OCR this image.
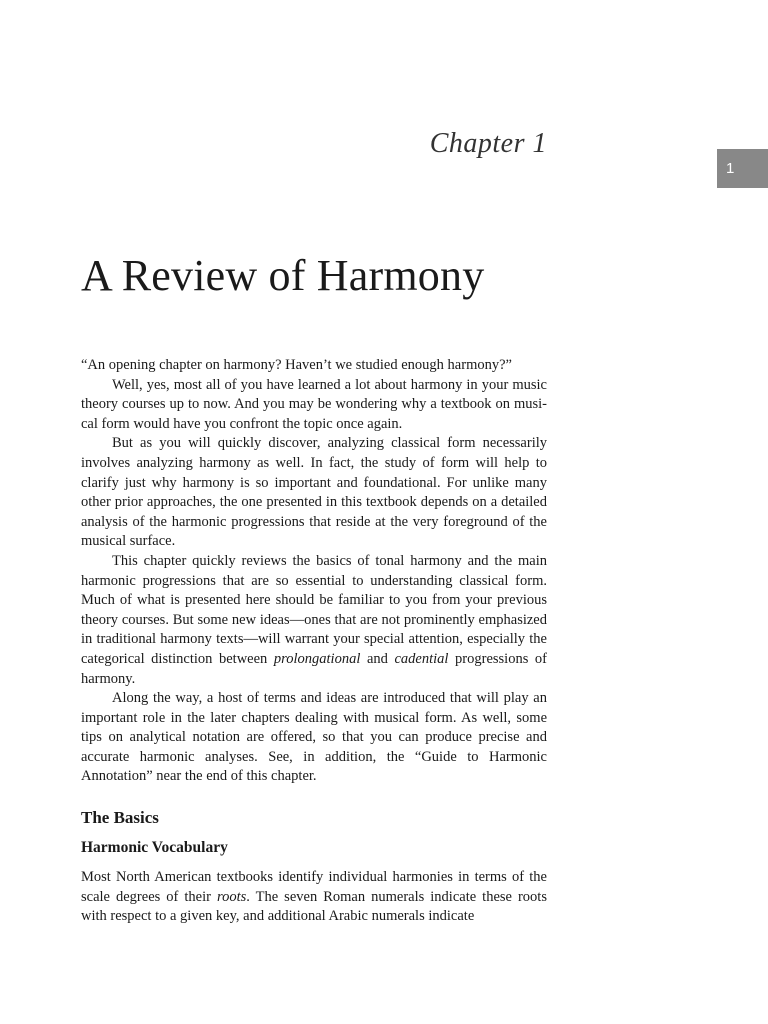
Chapter 1
1
A Review of Harmony

“An opening chapter on harmony? Haven’t we studied enough harmony?”

Well, yes, most all of you have learned a lot about harmony in your music theory courses up to now. And you may be wondering why a textbook on musical form would have you confront the topic once again.

But as you will quickly discover, analyzing classical form necessarily involves analyzing harmony as well. In fact, the study of form will help to clarify just why harmony is so important and foundational. For unlike many other prior approaches, the one presented in this textbook depends on a detailed analysis of the harmonic progressions that reside at the very foreground of the musical surface.

This chapter quickly reviews the basics of tonal harmony and the main harmonic progressions that are so essential to understanding classical form. Much of what is presented here should be familiar to you from your previous theory courses. But some new ideas—ones that are not prominently emphasized in traditional harmony texts—will warrant your special attention, especially the categorical distinction between prolongational and cadential progressions of harmony.

Along the way, a host of terms and ideas are introduced that will play an important role in the later chapters dealing with musical form. As well, some tips on analytical notation are offered, so that you can produce precise and accurate harmonic analyses. See, in addition, the “Guide to Harmonic Annotation” near the end of this chapter.

The Basics
Harmonic Vocabulary

Most North American textbooks identify individual harmonies in terms of the scale degrees of their roots. The seven Roman numerals indicate these roots with respect to a given key, and additional Arabic numerals indicate
